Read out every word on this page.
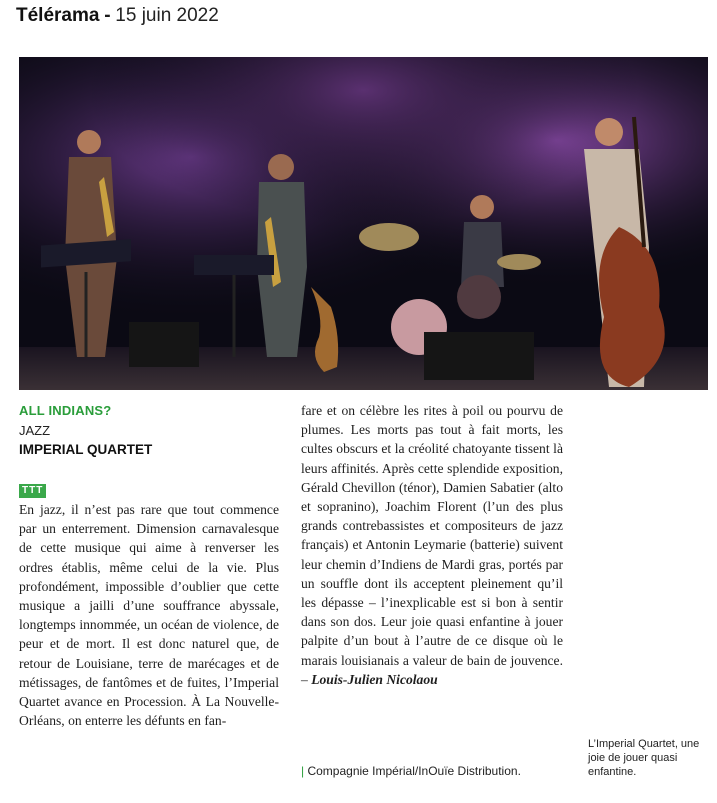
Télérama - 15 juin 2022
ALL INDIANS?
JAZZ
IMPERIAL QUARTET
TTT

En jazz, il n’est pas rare que tout commence par un enterrement. Dimension carnavalesque de cette musique qui aime à renverser les ordres établis, même celui de la vie. Plus profondément, impossible d’oublier que cette musique a jailli d’une souffrance abyssale, longtemps innommée, un océan de violence, de peur et de mort. Il est donc naturel que, de retour de Louisiane, terre de marécages et de métissages, de fantômes et de fuites, l’Imperial Quartet avance en Procession. À La Nouvelle-Orléans, on enterre les défunts en fan-

fare et on célèbre les rites à poil ou pourvu de plumes. Les morts pas tout à fait morts, les cultes obscurs et la créolité chatoyante tissent là leurs affinités. Après cette splendide exposition, Gérald Chevillon (ténor), Damien Sabatier (alto et sopranino), Joachim Florent (l’un des plus grands contrebassistes et compositeurs de jazz français) et Antonin Leymarie (batterie) suivent leur chemin d’Indiens de Mardi gras, portés par un souffle dont ils acceptent pleinement qu’il les dépasse – l’inexplicable est si bon à sentir dans son dos. Leur joie quasi enfantine à jouer palpite d’un bout à l’autre de ce disque où le marais louisianais a valeur de bain de jouvence. – Louis-Julien Nicolaou

| Compagnie Impérial/InOuïe Distribution.
L’Imperial Quartet, une joie de jouer quasi enfantine.
